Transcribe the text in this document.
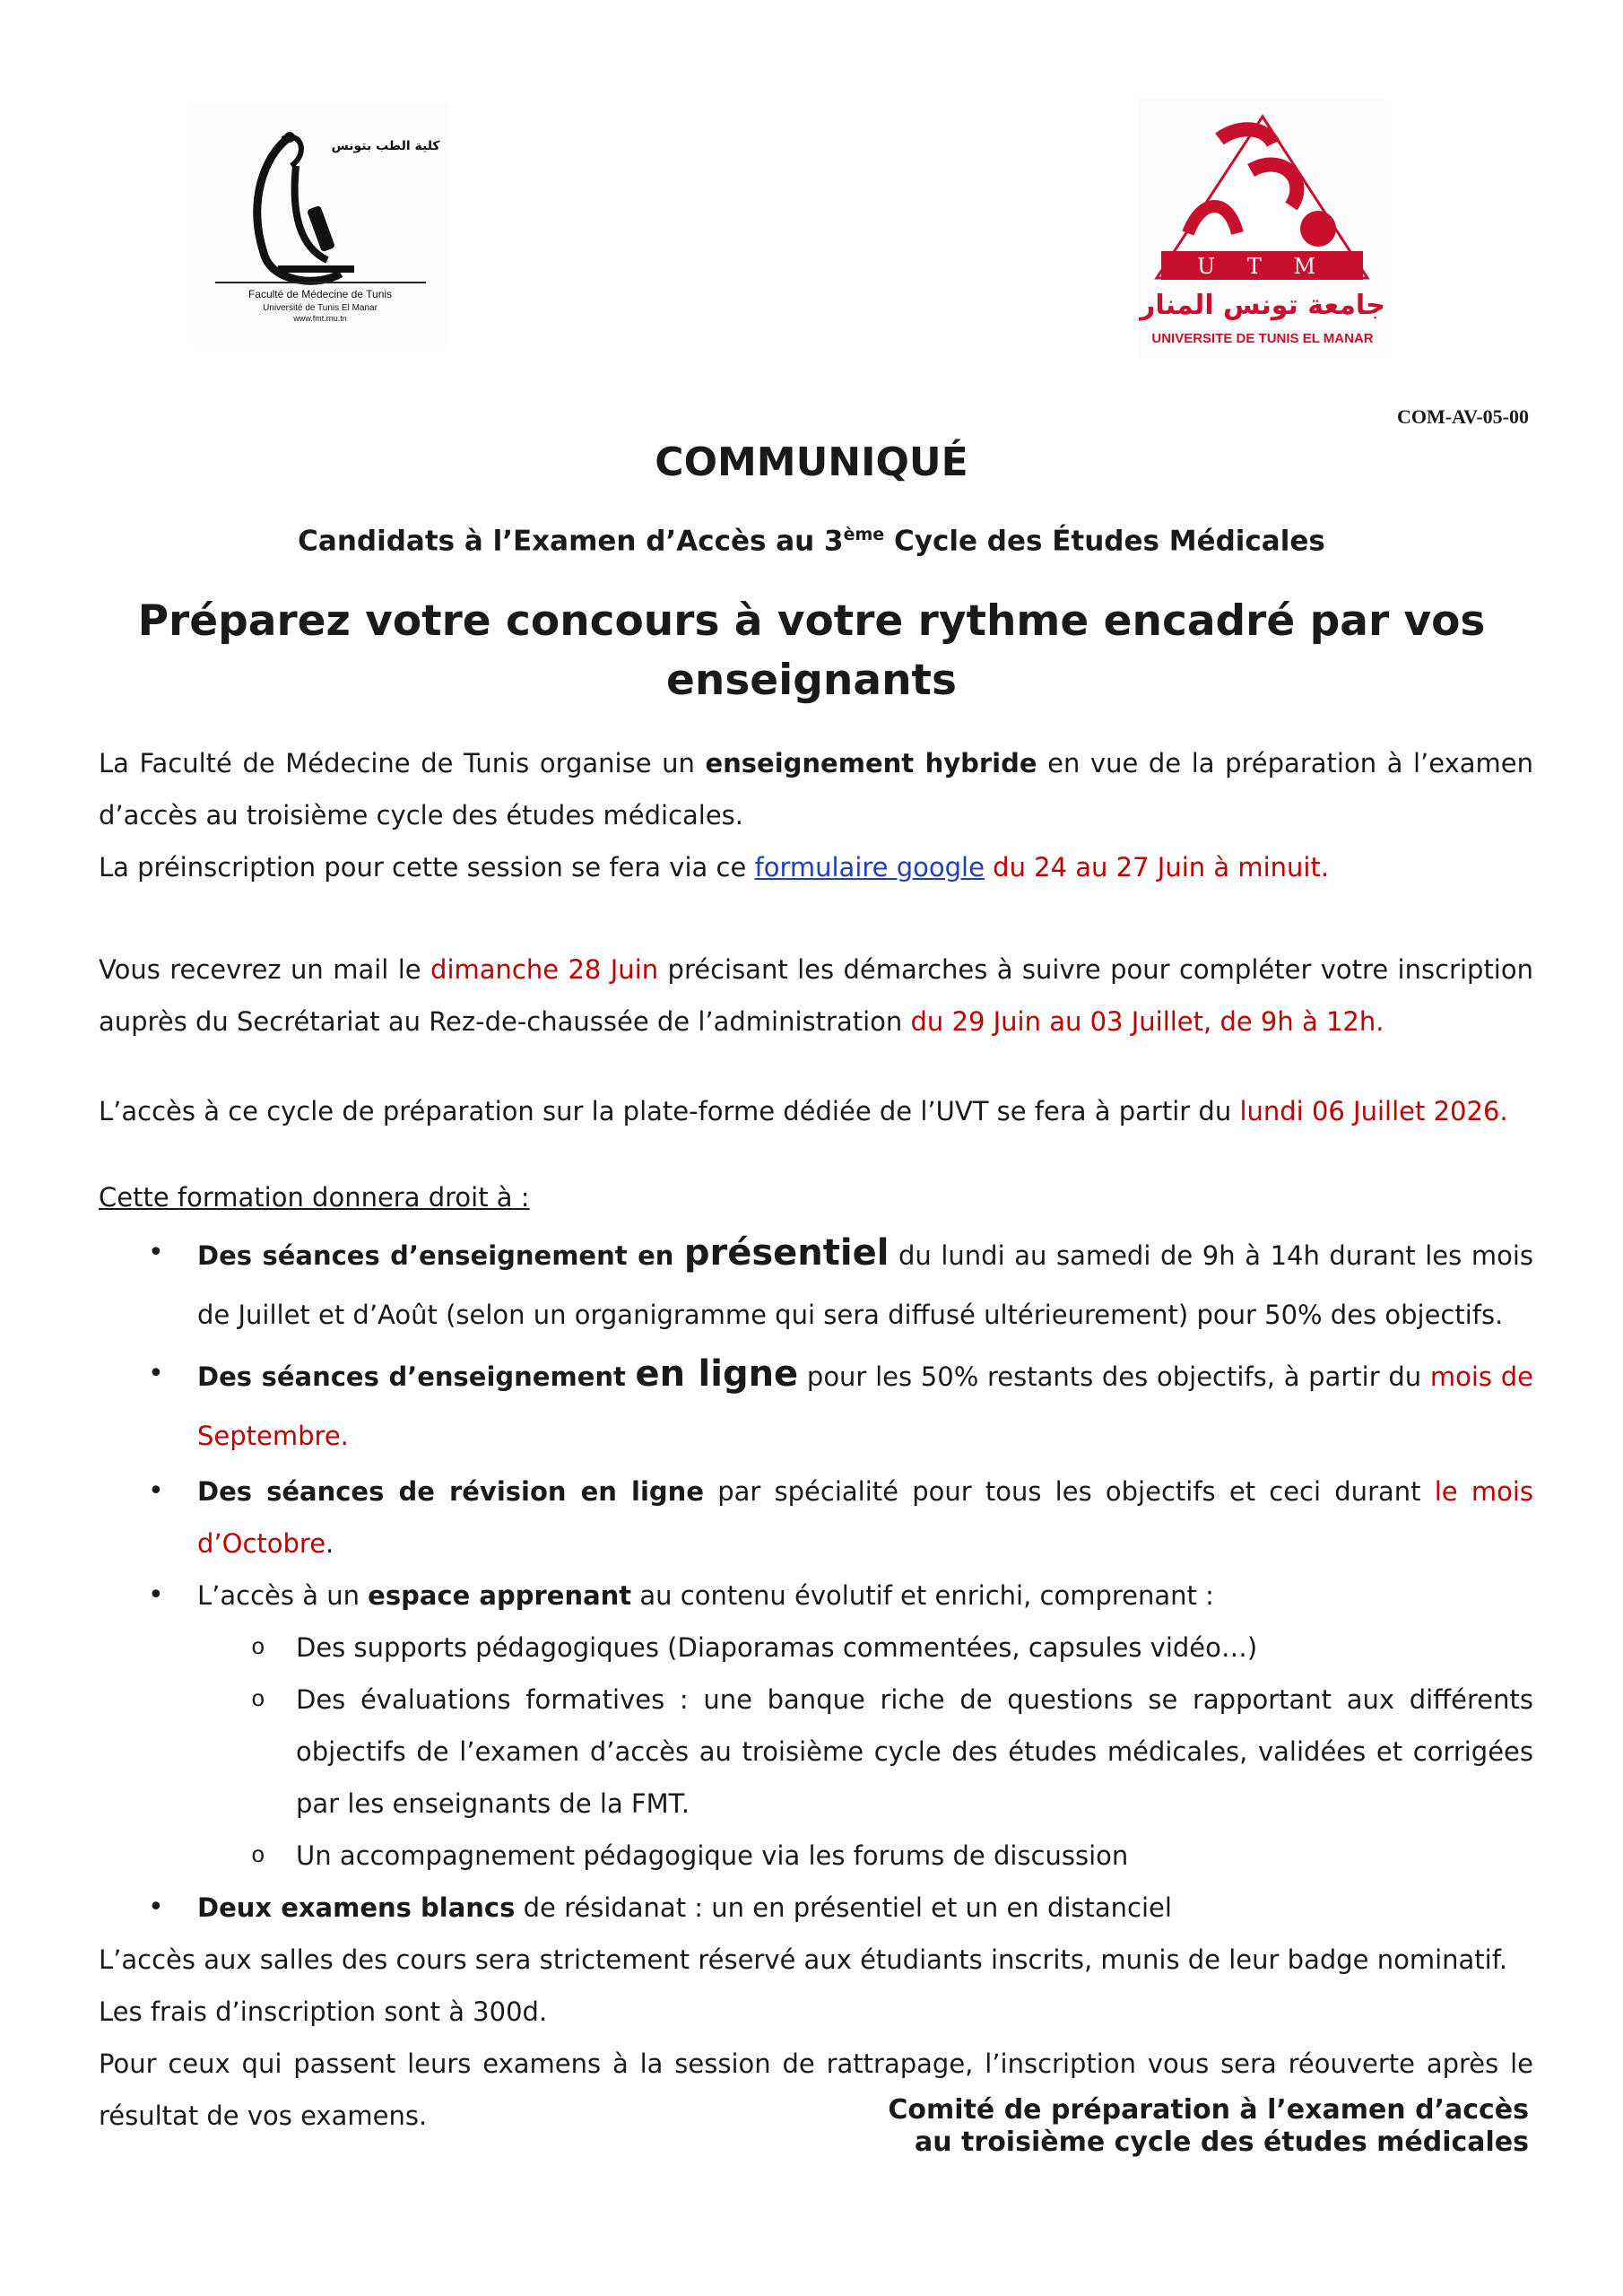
كلية الطب بتونس
Faculté de Médecine de Tunis
Université de Tunis El Manar
www.fmt.rnu.tn
U T M
جامعة تونس المنار
UNIVERSITE DE TUNIS EL MANAR
COM-AV-05-00
COMMUNIQUÉ
Candidats à l’Examen d’Accès au 3ème Cycle des Études Médicales
Préparez votre concours à votre rythme encadré par vos enseignants

La Faculté de Médecine de Tunis organise un enseignement hybride en vue de la préparation à l’examen d’accès au troisième cycle des études médicales.

La préinscription pour cette session se fera via ce formulaire google du 24 au 27 Juin à minuit.

Vous recevrez un mail le dimanche 28 Juin précisant les démarches à suivre pour compléter votre inscription auprès du Secrétariat au Rez-de-chaussée de l’administration du 29 Juin au 03 Juillet, de 9h à 12h.

L’accès à ce cycle de préparation sur la plate-forme dédiée de l’UVT se fera à partir du lundi 06 Juillet 2026.

Cette formation donnera droit à :

• Des séances d’enseignement en présentiel du lundi au samedi de 9h à 14h durant les mois de Juillet et d’Août (selon un organigramme qui sera diffusé ultérieurement) pour 50% des objectifs.
• Des séances d’enseignement en ligne pour les 50% restants des objectifs, à partir du mois de Septembre.
• Des séances de révision en ligne par spécialité pour tous les objectifs et ceci durant le mois d’Octobre.
• L’accès à un espace apprenant au contenu évolutif et enrichi, comprenant :
o Des supports pédagogiques (Diaporamas commentées, capsules vidéo…)
o Des évaluations formatives : une banque riche de questions se rapportant aux différents objectifs de l’examen d’accès au troisième cycle des études médicales, validées et corrigées par les enseignants de la FMT.
o Un accompagnement pédagogique via les forums de discussion
• Deux examens blancs de résidanat : un en présentiel et un en distanciel

L’accès aux salles des cours sera strictement réservé aux étudiants inscrits, munis de leur badge nominatif.

Les frais d’inscription sont à 300d.

Pour ceux qui passent leurs examens à la session de rattrapage, l’inscription vous sera réouverte après le résultat de vos examens.	Comité de préparation à l’examen d’accès
au troisième cycle des études médicales
